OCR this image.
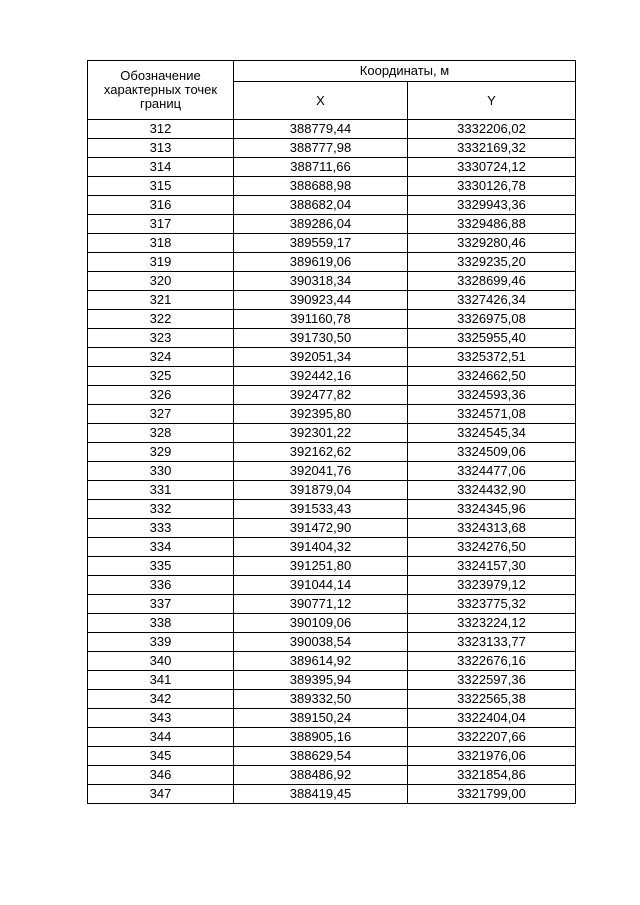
Обозначение характерных точек границ	Координаты, м	
	X	Y
312	388779,44	3332206,02
313	388777,98	3332169,32
314	388711,66	3330724,12
315	388688,98	3330126,78
316	388682,04	3329943,36
317	389286,04	3329486,88
318	389559,17	3329280,46
319	389619,06	3329235,20
320	390318,34	3328699,46
321	390923,44	3327426,34
322	391160,78	3326975,08
323	391730,50	3325955,40
324	392051,34	3325372,51
325	392442,16	3324662,50
326	392477,82	3324593,36
327	392395,80	3324571,08
328	392301,22	3324545,34
329	392162,62	3324509,06
330	392041,76	3324477,06
331	391879,04	3324432,90
332	391533,43	3324345,96
333	391472,90	3324313,68
334	391404,32	3324276,50
335	391251,80	3324157,30
336	391044,14	3323979,12
337	390771,12	3323775,32
338	390109,06	3323224,12
339	390038,54	3323133,77
340	389614,92	3322676,16
341	389395,94	3322597,36
342	389332,50	3322565,38
343	389150,24	3322404,04
344	388905,16	3322207,66
345	388629,54	3321976,06
346	388486,92	3321854,86
347	388419,45	3321799,00
